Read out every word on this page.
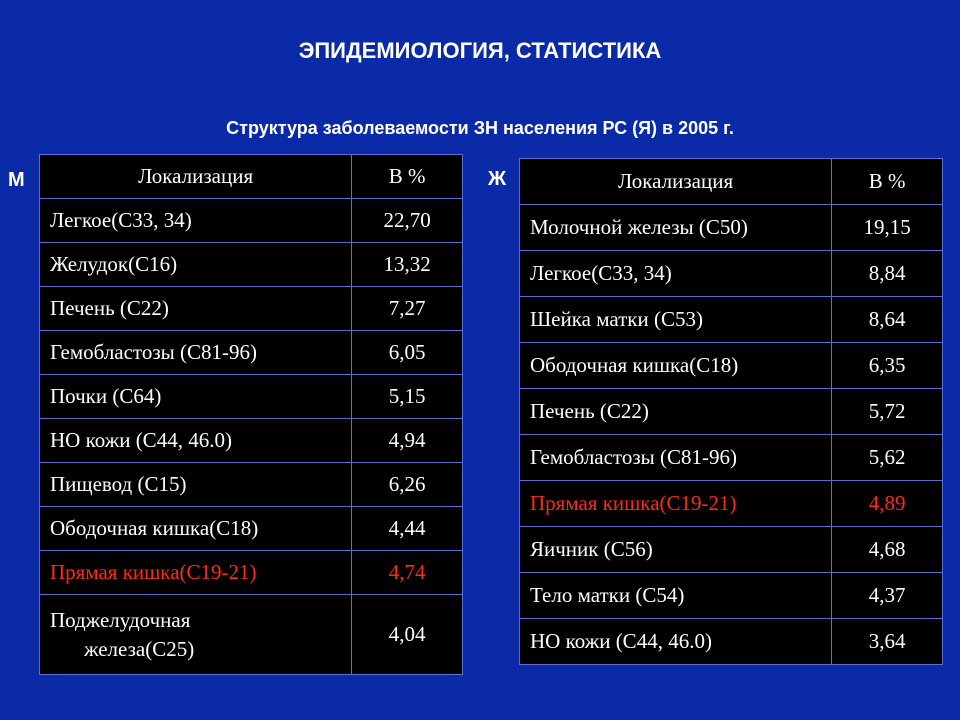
ЭПИДЕМИОЛОГИЯ, СТАТИСТИКА
Структура заболеваемости ЗН населения РС (Я) в 2005 г.
М	Ж
Локализация	В %
Легкое(С33, 34)	22,70
Желудок(С16)	13,32
Печень (С22)	7,27
Гемобластозы (С81-96)	6,05
Почки (С64)	5,15
НО кожи (С44, 46.0)	4,94
Пищевод (С15)	6,26
Ободочная кишка(С18)	4,44
Прямая кишка(С19-21)	4,74
Поджелудочная
железа(С25)	4,04
Локализация	В %
Молочной железы (С50)	19,15
Легкое(С33, 34)	8,84
Шейка матки (С53)	8,64
Ободочная кишка(С18)	6,35
Печень (С22)	5,72
Гемобластозы (С81-96)	5,62
Прямая кишка(С19-21)	4,89
Яичник (С56)	4,68
Тело матки (С54)	4,37
НО кожи (С44, 46.0)	3,64
